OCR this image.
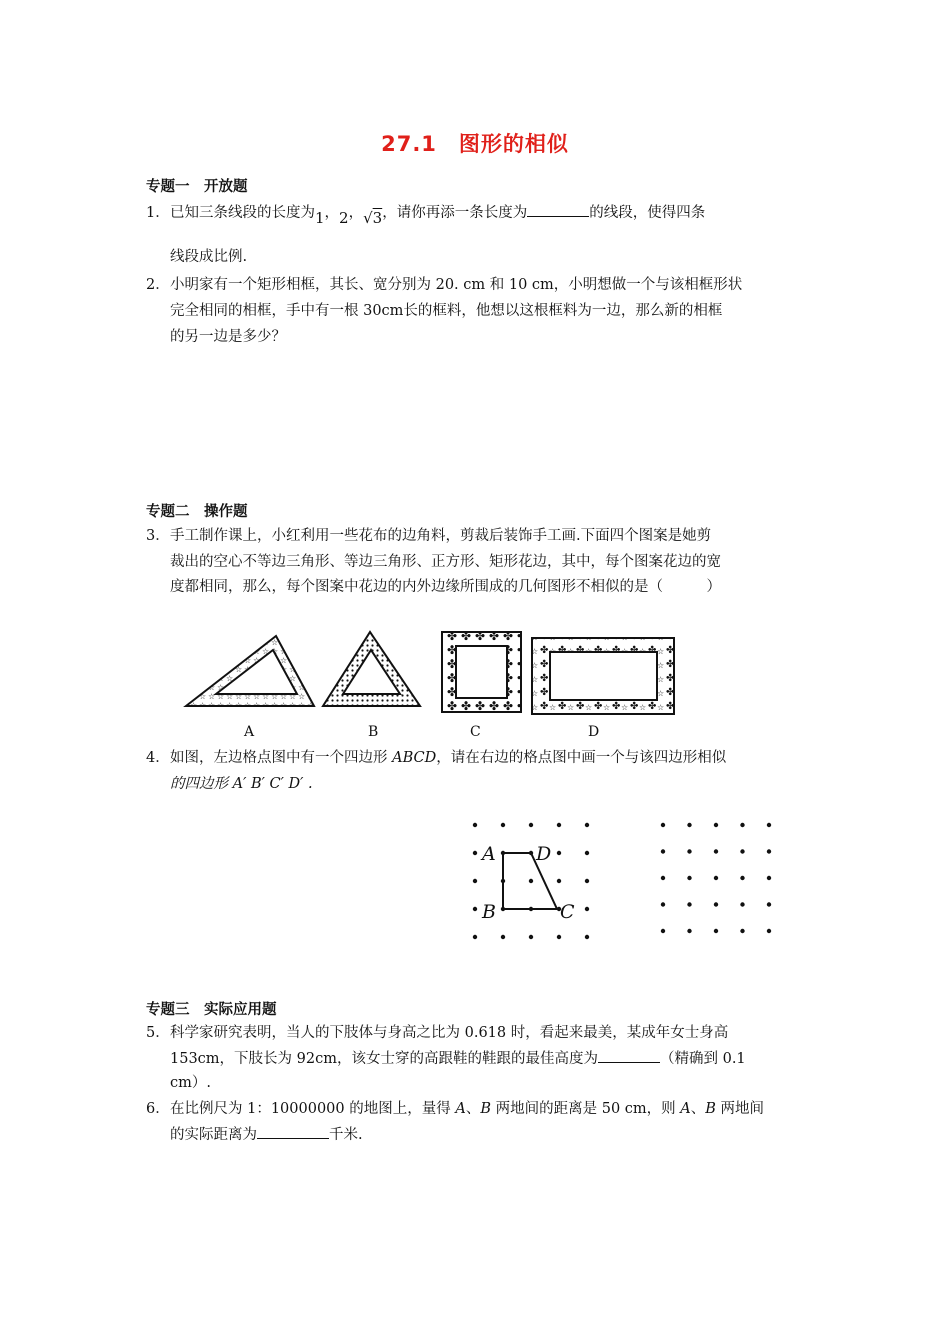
27.1　图形的相似
专题一　开放题
1．已知三条线段的长度为1，2，√3，请你再添一条长度为	的线段，使得四条
线段成比例.
2．小明家有一个矩形相框，其长、宽分别为 20. cm 和 10 cm，小明想做一个与该相框形状
完全相同的相框，手中有一根 30cm长的框料，他想以这根框料为一边，那么新的相框
的另一边是多少？
专题二　操作题
3．手工制作课上，小红利用一些花布的边角料，剪裁后装饰手工画.下面四个图案是她剪
裁出的空心不等边三角形、等边三角形、正方形、矩形花边，其中，每个图案花边的宽
度都相同，那么，每个图案中花边的内外边缘所围成的几何图形不相似的是（　　　）
A	B	C	D
4．如图，左边格点图中有一个四边形 ABCD，请在右边的格点图中画一个与该四边形相似
的四边形 A′ B′ C′ D′ .
A D
B	C
专题三　实际应用题
5．科学家研究表明，当人的下肢体与身高之比为 0.618 时，看起来最美，某成年女士身高
153cm，下肢长为 92cm，该女士穿的高跟鞋的鞋跟的最佳高度为	（精确到 0.1
cm）.
6．在比例尺为 1：10000000 的地图上，量得 A、B 两地间的距离是 50 cm，则 A、B 两地间
的实际距离为	千米.
